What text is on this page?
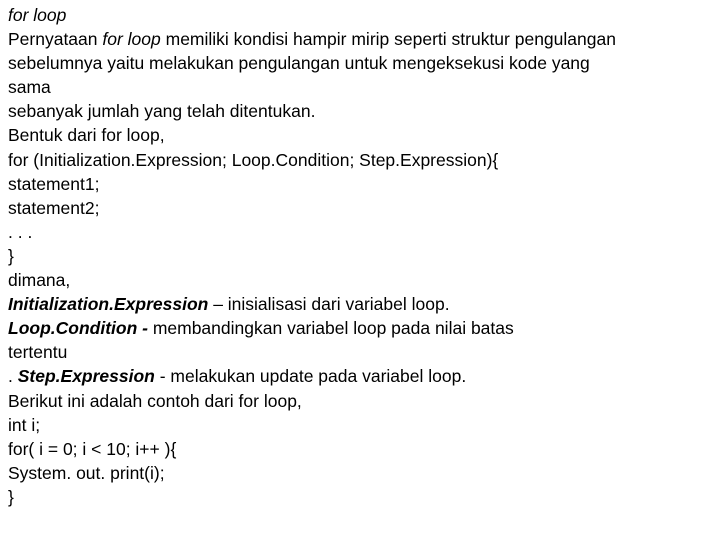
for loop
Pernyataan for loop memiliki kondisi hampir mirip seperti struktur pengulangan
sebelumnya yaitu melakukan pengulangan untuk mengeksekusi kode yang
sama
sebanyak jumlah yang telah ditentukan.
Bentuk dari for loop,
for (Initialization.Expression; Loop.Condition; Step.Expression){
statement1;
statement2;
. . .
}
dimana,
Initialization.Expression – inisialisasi dari variabel loop.
Loop.Condition - membandingkan variabel loop pada nilai batas
tertentu
. Step.Expression - melakukan update pada variabel loop.
Berikut ini adalah contoh dari for loop,
int i;
for( i = 0; i < 10; i++ ){
System. out. print(i);
}
